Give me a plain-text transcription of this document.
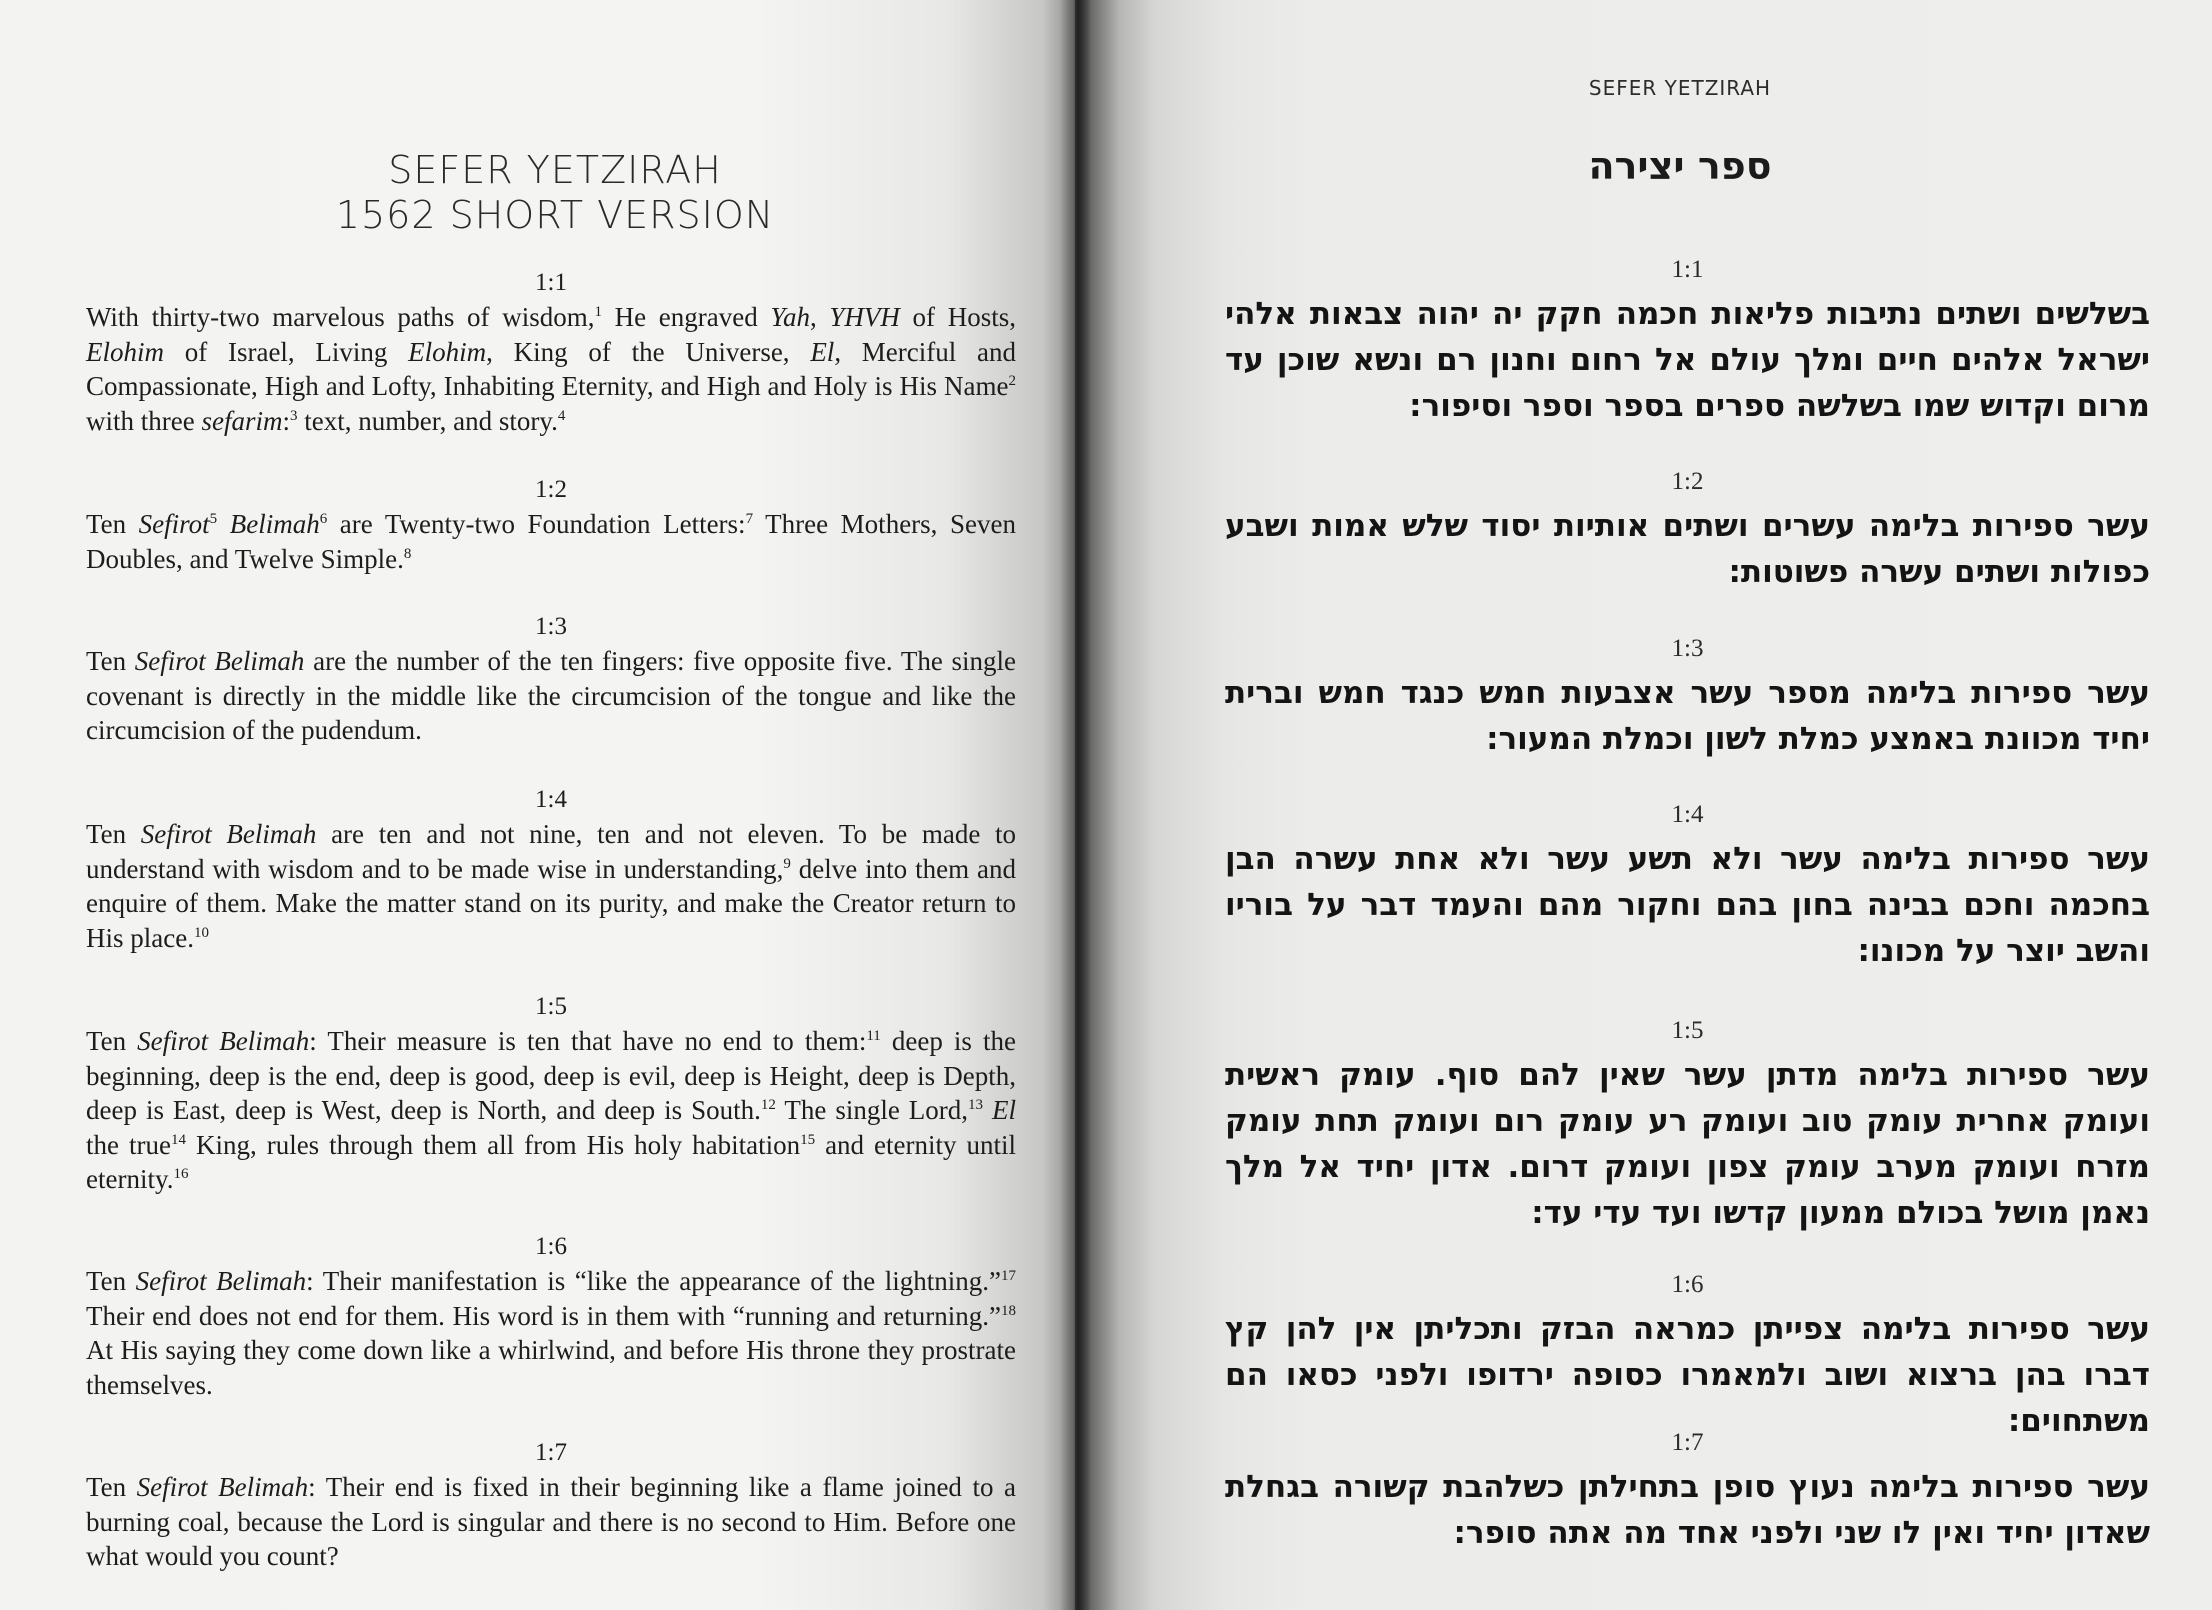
SEFER YETZIRAH
1562 SHORT VERSION
1:1
With thirty-two marvelous paths of wisdom,$^1$ He engraved Yah, YHVH of Hosts, Elohim of Israel, Living Elohim, King of the Universe, El, Merciful and Compassionate, High and Lofty, Inhabiting Eternity, and High and Holy is His Name$^2$ with three sefarim:$^3$ text, number, and story.$^4$
1:2
Ten Sefirot$^5$ Belimah$^6$ are Twenty-two Foundation Letters:$^7$ Three Mothers, Seven Doubles, and Twelve Simple.$^8$
1:3
Ten Sefirot Belimah are the number of the ten fingers: five opposite five. The single covenant is directly in the middle like the circumcision of the tongue and like the circumcision of the pudendum.
1:4
Ten Sefirot Belimah are ten and not nine, ten and not eleven. To be made to understand with wisdom and to be made wise in understanding,$^9$ delve into them and enquire of them. Make the matter stand on its purity, and make the Creator return to His place.$^{10}$
1:5
Ten Sefirot Belimah: Their measure is ten that have no end to them:$^{11}$ deep is the beginning, deep is the end, deep is good, deep is evil, deep is Height, deep is Depth, deep is East, deep is West, deep is North, and deep is South.$^{12}$ The single Lord,$^{13}$ El the true$^{14}$ King, rules through them all from His holy habitation$^{15}$ and eternity until eternity.$^{16}$
1:6
Ten Sefirot Belimah: Their manifestation is “like the appearance of the lightning.”$^{17}$ Their end does not end for them. His word is in them with “running and returning.”$^{18}$ At His saying they come down like a whirlwind, and before His throne they prostrate themselves.
1:7
Ten Sefirot Belimah: Their end is fixed in their beginning like a flame joined to a burning coal, because the Lord is singular and there is no second to Him. Before one what would you count?
SEFER YETZIRAH
ספר יצירה
1:1
בשלשים ושתים נתיבות פליאות חכמה חקק יה יהוה צבאות אלהי ישראל אלהים חיים ומלך עולם אל רחום וחנון רם ונשא שוכן עד מרום וקדוש שמו בשלשה ספרים בספר וספר וסיפור:
1:2
עשר ספירות בלימה עשרים ושתים אותיות יסוד שלש אמות ושבע כפולות ושתים עשרה פשוטות:
1:3
עשר ספירות בלימה מספר עשר אצבעות חמש כנגד חמש וברית יחיד מכוונת באמצע כמלת לשון וכמלת המעור:
1:4
עשר ספירות בלימה עשר ולא תשע עשר ולא אחת עשרה הבן בחכמה וחכם בבינה בחון בהם וחקור מהם והעמד דבר על בוריו והשב יוצר על מכונו:
1:5
עשר ספירות בלימה מדתן עשר שאין להם סוף. עומק ראשית ועומק אחרית עומק טוב ועומק רע עומק רום ועומק תחת עומק מזרח ועומק מערב עומק צפון ועומק דרום. אדון יחיד אל מלך נאמן מושל בכולם ממעון קדשו ועד עדי עד:
1:6
עשר ספירות בלימה צפייתן כמראה הבזק ותכליתן אין להן קץ דברו בהן ברצוא ושוב ולמאמרו כסופה ירדופו ולפני כסאו הם משתחוים:
1:7
עשר ספירות בלימה נעוץ סופן בתחילתן כשלהבת קשורה בגחלת שאדון יחיד ואין לו שני ולפני אחד מה אתה סופר:
